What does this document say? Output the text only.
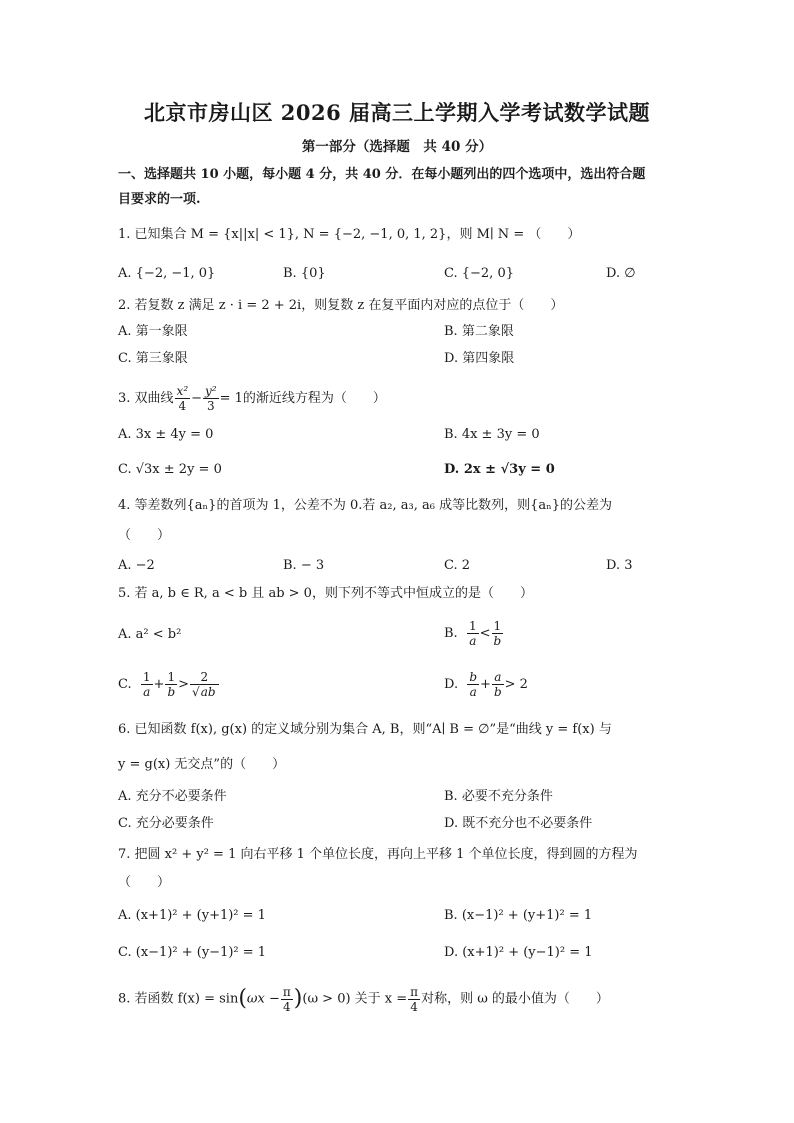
北京市房山区 2026 届高三上学期入学考试数学试题
第一部分（选择题　共 40 分）
一、选择题共 10 小题，每小题 4 分，共 40 分．在每小题列出的四个选项中，选出符合题
目要求的一项.
1. 已知集合 M = {x||x| < 1}, N = {−2, −1, 0, 1, 2}，则 M∣ N = （　　）
A. {−2, −1, 0}	B. {0}	C. {−2, 0}	D. ∅
2. 若复数 z 满足 z · i = 2 + 2i，则复数 z 在复平面内对应的点位于（　　）
A. 第一象限	B. 第二象限
C. 第三象限	D. 第四象限
3. 双曲线 $\frac{\text{x²}}{4} - \frac{\text{y²}}{3} = 1$的渐近线方程为（　　）
A. 3x ± 4y = 0	B. 4x ± 3y = 0
C. √3x ± 2y = 0	D. 2x ± √3y = 0
4. 等差数列{aₙ}的首项为 1，公差不为 0.若 a₂, a₃, a₆ 成等比数列，则{aₙ}的公差为
（　　）
A. −2	B. − 3	C. 2	D. 3
5. 若 a, b ∈ R, a < b 且 ab > 0，则下列不等式中恒成立的是（　　）
A. a² < b²	B. $\frac{1}{a} < \frac{1}{b}$
C. $\frac{1}{a} + \frac{1}{b} > \frac{2}{√ab}$	D. $\frac{b}{a} + \frac{a}{b} > 2$
6. 已知函数 f(x), g(x) 的定义域分别为集合 A, B，则“A∣ B = ∅”是“曲线 y = f(x) 与
y = g(x) 无交点”的（　　）
A. 充分不必要条件	B. 必要不充分条件
C. 充分必要条件	D. 既不充分也不必要条件
7. 把圆 x² + y² = 1 向右平移 1 个单位长度，再向上平移 1 个单位长度，得到圆的方程为
（　　）
A. (x+1)² + (y+1)² = 1	B. (x−1)² + (y+1)² = 1
C. (x−1)² + (y−1)² = 1	D. (x+1)² + (y−1)² = 1
8. 若函数 $f(x) = \sin(\omega x - \frac{\pi}{4} )(\omega > 0)$ 关于 $x = \frac{\pi}{4}$ 对称，则 ω 的最小值为（　　）
